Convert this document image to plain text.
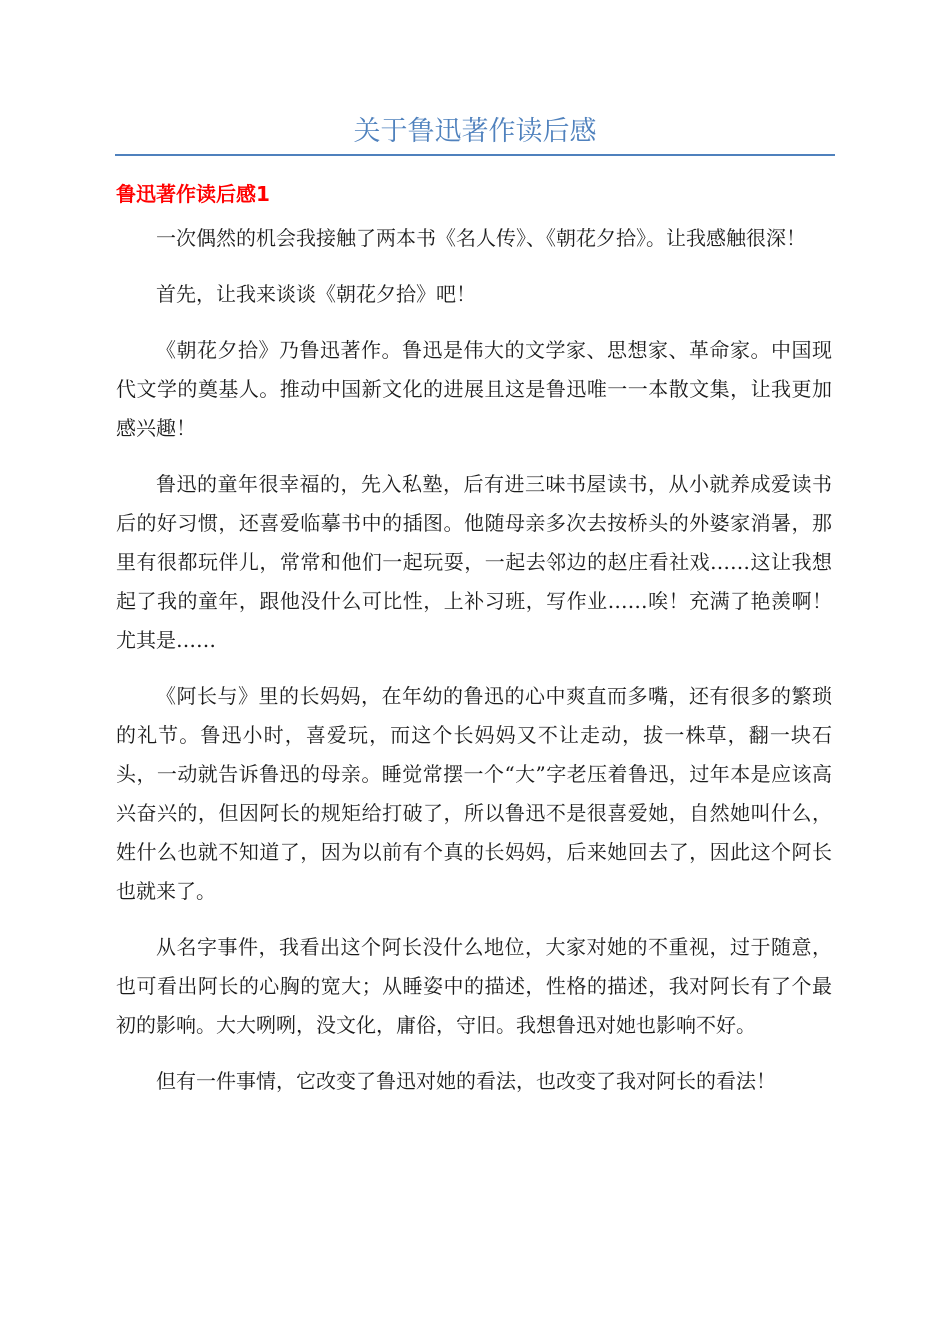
关于鲁迅著作读后感
鲁迅著作读后感1

一次偶然的机会我接触了两本书《名人传》、《朝花夕拾》。让我感触很深！

首先，让我来谈谈《朝花夕拾》吧！

《朝花夕拾》乃鲁迅著作。鲁迅是伟大的文学家、思想家、革命家。中国现代文学的奠基人。推动中国新文化的进展且这是鲁迅唯一一本散文集，让我更加感兴趣！

鲁迅的童年很幸福的，先入私塾，后有进三味书屋读书，从小就养成爱读书后的好习惯，还喜爱临摹书中的插图。他随母亲多次去按桥头的外婆家消暑，那里有很都玩伴儿，常常和他们一起玩耍，一起去邻边的赵庄看社戏……这让我想起了我的童年，跟他没什么可比性，上补习班，写作业……唉！充满了艳羡啊！尤其是……

《阿长与》里的长妈妈，在年幼的鲁迅的心中爽直而多嘴，还有很多的繁琐的礼节。鲁迅小时，喜爱玩，而这个长妈妈又不让走动，拔一株草，翻一块石头，一动就告诉鲁迅的母亲。睡觉常摆一个“大”字老压着鲁迅，过年本是应该高兴奋兴的，但因阿长的规矩给打破了，所以鲁迅不是很喜爱她，自然她叫什么，姓什么也就不知道了，因为以前有个真的长妈妈，后来她回去了，因此这个阿长也就来了。

从名字事件，我看出这个阿长没什么地位，大家对她的不重视，过于随意，也可看出阿长的心胸的宽大；从睡姿中的描述，性格的描述，我对阿长有了个最初的影响。大大咧咧，没文化，庸俗，守旧。我想鲁迅对她也影响不好。

但有一件事情，它改变了鲁迅对她的看法，也改变了我对阿长的看法！
